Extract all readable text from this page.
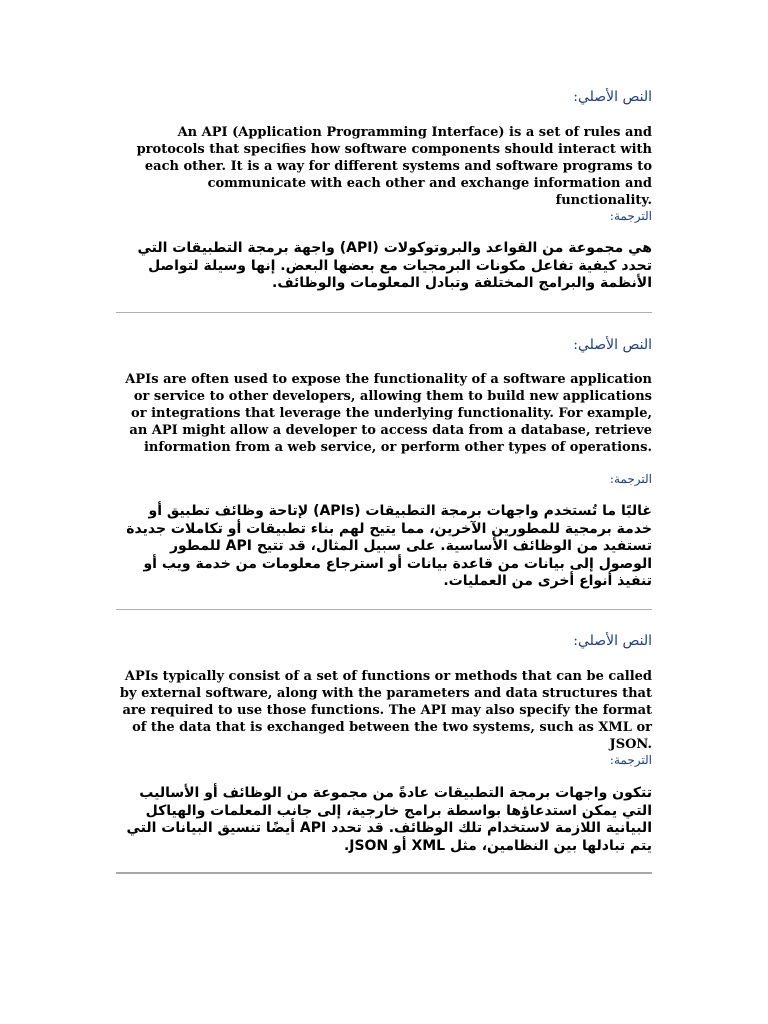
النص الأصلي:

An API (Application Programming Interface) is a set of rules and protocols that specifies how software components should interact with each other. It is a way for different systems and software programs to communicate with each other and exchange information and functionality.

الترجمة:

هي مجموعة من القواعد والبروتوكولات (API) واجهة برمجة التطبيقات التي تحدد كيفية تفاعل مكونات البرمجيات مع بعضها البعض. إنها وسيلة لتواصل الأنظمة والبرامج المختلفة وتبادل المعلومات والوظائف.

النص الأصلي:

APIs are often used to expose the functionality of a software application or service to other developers, allowing them to build new applications or integrations that leverage the underlying functionality. For example, an API might allow a developer to access data from a database, retrieve information from a web service, or perform other types of operations.

الترجمة:

غالبًا ما تُستخدم واجهات برمجة التطبيقات (APIs) لإتاحة وظائف تطبيق أو خدمة برمجية للمطورين الآخرين، مما يتيح لهم بناء تطبيقات أو تكاملات جديدة تستفيد من الوظائف الأساسية. على سبيل المثال، قد تتيح API للمطور الوصول إلى بيانات من قاعدة بيانات أو استرجاع معلومات من خدمة ويب أو تنفيذ أنواع أخرى من العمليات.

النص الأصلي:

APIs typically consist of a set of functions or methods that can be called by external software, along with the parameters and data structures that are required to use those functions. The API may also specify the format of the data that is exchanged between the two systems, such as XML or JSON.

الترجمة:

تتكون واجهات برمجة التطبيقات عادةً من مجموعة من الوظائف أو الأساليب التي يمكن استدعاؤها بواسطة برامج خارجية، إلى جانب المعلمات والهياكل البيانية اللازمة لاستخدام تلك الوظائف. قد تحدد API أيضًا تنسيق البيانات التي يتم تبادلها بين النظامين، مثل XML أو JSON.
